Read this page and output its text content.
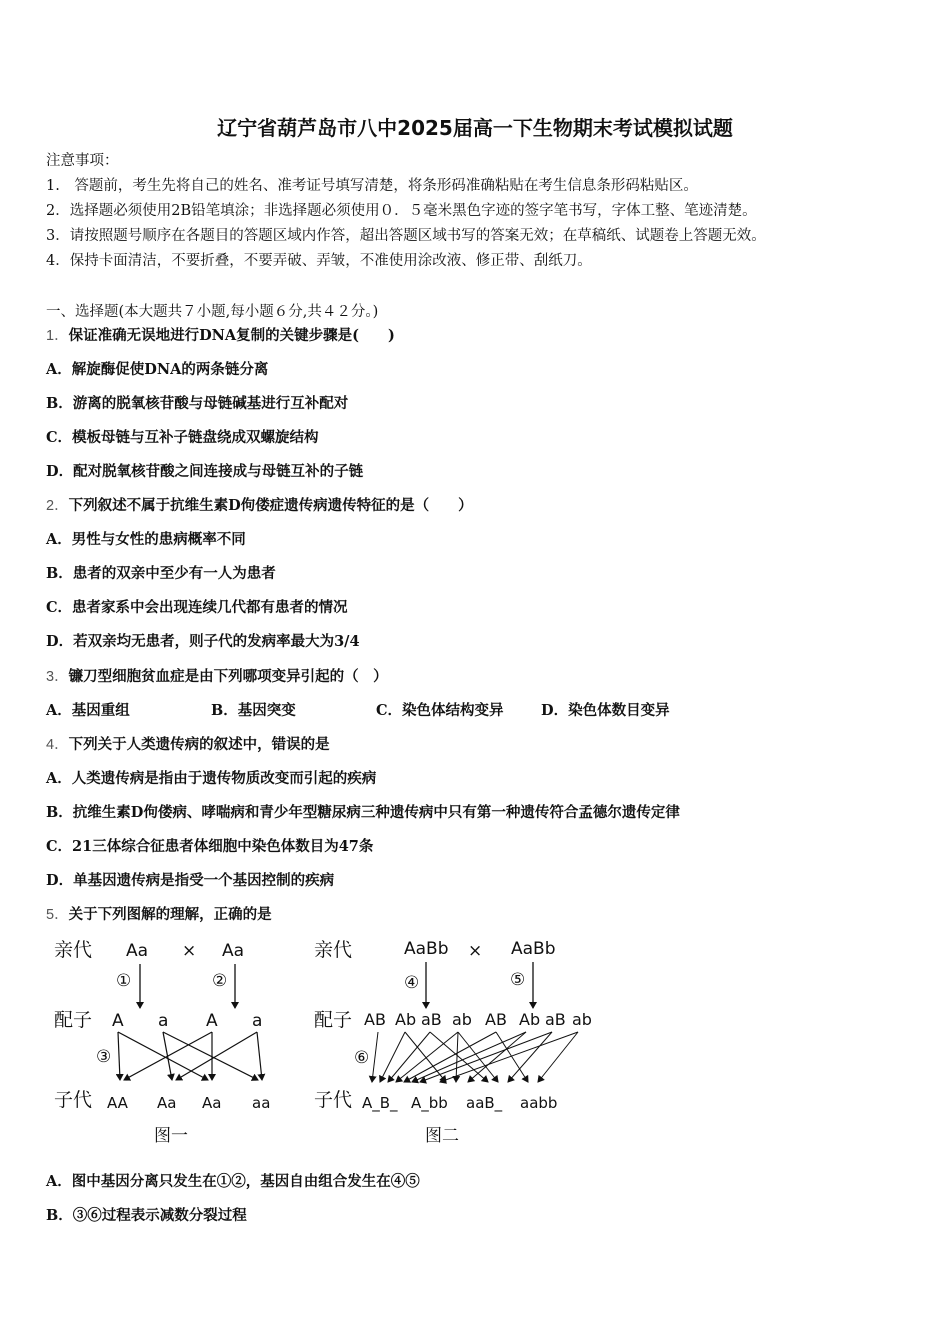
辽宁省葫芦岛市八中2025届高一下生物期末考试模拟试题
注意事项：
1.　答题前，考生先将自己的姓名、准考证号填写清楚，将条形码准确粘贴在考生信息条形码粘贴区。
2．选择题必须使用2B铅笔填涂；非选择题必须使用０．５毫米黑色字迹的签字笔书写，字体工整、笔迹清楚。
3．请按照题号顺序在各题目的答题区域内作答，超出答题区域书写的答案无效；在草稿纸、试题卷上答题无效。
4．保持卡面清洁，不要折叠，不要弄破、弄皱，不准使用涂改液、修正带、刮纸刀。
一、选择题(本大题共７小题,每小题６分,共４２分。)
1．保证准确无误地进行DNA复制的关键步骤是(　　)
A．解旋酶促使DNA的两条链分离
B．游离的脱氧核苷酸与母链碱基进行互补配对
C．模板母链与互补子链盘绕成双螺旋结构
D．配对脱氧核苷酸之间连接成与母链互补的子链
2．下列叙述不属于抗维生素D佝偻症遗传病遗传特征的是（　　）
A．男性与女性的患病概率不同
B．患者的双亲中至少有一人为患者
C．患者家系中会出现连续几代都有患者的情况
D．若双亲均无患者，则子代的发病率最大为3/4
3．镰刀型细胞贫血症是由下列哪项变异引起的（　）
A．基因重组	B．基因突变	C．染色体结构变异	D．染色体数目变异
4．下列关于人类遗传病的叙述中，错误的是
A．人类遗传病是指由于遗传物质改变而引起的疾病
B．抗维生素D佝偻病、哮喘病和青少年型糖尿病三种遗传病中只有第一种遗传符合孟德尔遗传定律
C．21三体综合征患者体细胞中染色体数目为47条
D．单基因遗传病是指受一个基因控制的疾病
5．关于下列图解的理解，正确的是
亲代
配子
子代
Aa × Aa
①	②
A a A a
③
AA Aa Aa aa
图一
亲代
配子
子代
AaBb × AaBb
④	⑤
AB Ab aB ab AB Ab aB ab
⑥
A_B_ A_bb aaB_ aabb
图二
A．图中基因分离只发生在①②，基因自由组合发生在④⑤
B．③⑥过程表示减数分裂过程
